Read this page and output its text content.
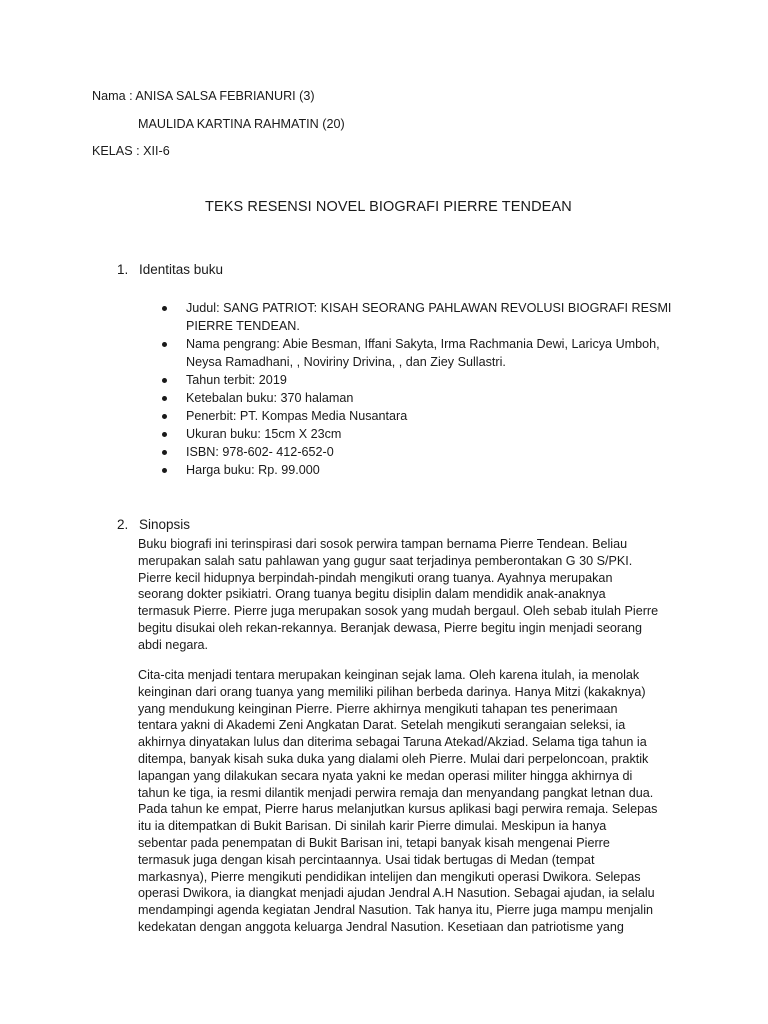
Nama : ANISA SALSA FEBRIANURI (3)
MAULIDA KARTINA RAHMATIN (20)
KELAS : XII-6
TEKS RESENSI NOVEL BIOGRAFI PIERRE TENDEAN
1. Identitas buku
Judul: SANG PATRIOT: KISAH SEORANG PAHLAWAN REVOLUSI BIOGRAFI RESMI
PIERRE TENDEAN.
Nama pengrang: Abie Besman, Iffani Sakyta, Irma Rachmania Dewi, Laricya Umboh,
Neysa Ramadhani, , Noviriny Drivina, , dan Ziey Sullastri.
Tahun terbit: 2019
Ketebalan buku: 370 halaman
Penerbit: PT. Kompas Media Nusantara
Ukuran buku: 15cm X 23cm
ISBN: 978-602- 412-652-0
Harga buku: Rp. 99.000
2. Sinopsis
Buku biografi ini terinspirasi dari sosok perwira tampan bernama Pierre Tendean. Beliau
merupakan salah satu pahlawan yang gugur saat terjadinya pemberontakan G 30 S/PKI.
Pierre kecil hidupnya berpindah-pindah mengikuti orang tuanya. Ayahnya merupakan
seorang dokter psikiatri. Orang tuanya begitu disiplin dalam mendidik anak-anaknya
termasuk Pierre. Pierre juga merupakan sosok yang mudah bergaul. Oleh sebab itulah Pierre
begitu disukai oleh rekan-rekannya. Beranjak dewasa, Pierre begitu ingin menjadi seorang
abdi negara.
Cita-cita menjadi tentara merupakan keinginan sejak lama. Oleh karena itulah, ia menolak
keinginan dari orang tuanya yang memiliki pilihan berbeda darinya. Hanya Mitzi (kakaknya)
yang mendukung keinginan Pierre. Pierre akhirnya mengikuti tahapan tes penerimaan
tentara yakni di Akademi Zeni Angkatan Darat. Setelah mengikuti serangaian seleksi, ia
akhirnya dinyatakan lulus dan diterima sebagai Taruna Atekad/Akziad. Selama tiga tahun ia
ditempa, banyak kisah suka duka yang dialami oleh Pierre. Mulai dari perpeloncoan, praktik
lapangan yang dilakukan secara nyata yakni ke medan operasi militer hingga akhirnya di
tahun ke tiga, ia resmi dilantik menjadi perwira remaja dan menyandang pangkat letnan dua.
Pada tahun ke empat, Pierre harus melanjutkan kursus aplikasi bagi perwira remaja. Selepas
itu ia ditempatkan di Bukit Barisan. Di sinilah karir Pierre dimulai. Meskipun ia hanya
sebentar pada penempatan di Bukit Barisan ini, tetapi banyak kisah mengenai Pierre
termasuk juga dengan kisah percintaannya. Usai tidak bertugas di Medan (tempat
markasnya), Pierre mengikuti pendidikan intelijen dan mengikuti operasi Dwikora. Selepas
operasi Dwikora, ia diangkat menjadi ajudan Jendral A.H Nasution. Sebagai ajudan, ia selalu
mendampingi agenda kegiatan Jendral Nasution. Tak hanya itu, Pierre juga mampu menjalin
kedekatan dengan anggota keluarga Jendral Nasution. Kesetiaan dan patriotisme yang
